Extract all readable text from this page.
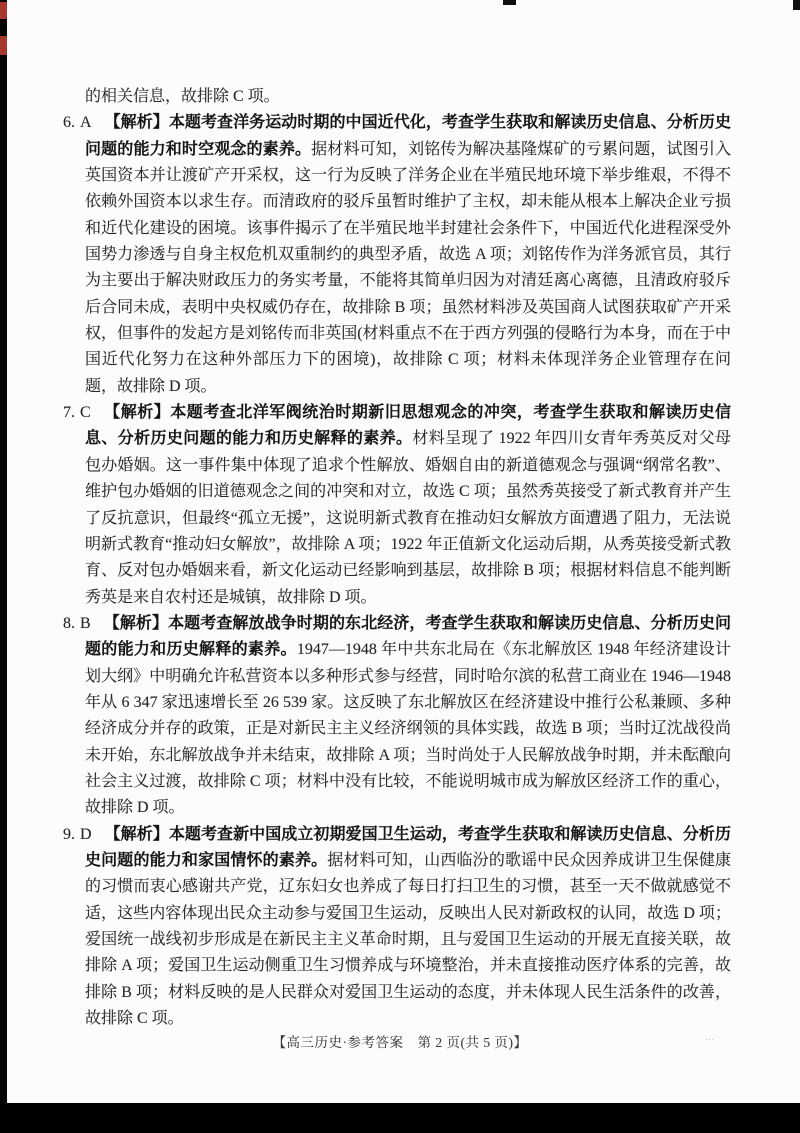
的相关信息，故排除 C 项。

6. A 【解析】本题考查洋务运动时期的中国近代化，考查学生获取和解读历史信息、分析历史问题的能力和时空观念的素养。据材料可知，刘铭传为解决基隆煤矿的亏累问题，试图引入英国资本并让渡矿产开采权，这一行为反映了洋务企业在半殖民地环境下举步维艰，不得不依赖外国资本以求生存。而清政府的驳斥虽暂时维护了主权，却未能从根本上解决企业亏损和近代化建设的困境。该事件揭示了在半殖民地半封建社会条件下，中国近代化进程深受外国势力渗透与自身主权危机双重制约的典型矛盾，故选 A 项；刘铭传作为洋务派官员，其行为主要出于解决财政压力的务实考量，不能将其简单归因为对清廷离心离德，且清政府驳斥后合同未成，表明中央权威仍存在，故排除 B 项；虽然材料涉及英国商人试图获取矿产开采权，但事件的发起方是刘铭传而非英国(材料重点不在于西方列强的侵略行为本身，而在于中国近代化努力在这种外部压力下的困境)，故排除 C 项；材料未体现洋务企业管理存在问题，故排除 D 项。

7. C 【解析】本题考查北洋军阀统治时期新旧思想观念的冲突，考查学生获取和解读历史信息、分析历史问题的能力和历史解释的素养。材料呈现了 1922 年四川女青年秀英反对父母包办婚姻。这一事件集中体现了追求个性解放、婚姻自由的新道德观念与强调“纲常名教”、维护包办婚姻的旧道德观念之间的冲突和对立，故选 C 项；虽然秀英接受了新式教育并产生了反抗意识，但最终“孤立无援”，这说明新式教育在推动妇女解放方面遭遇了阻力，无法说明新式教育“推动妇女解放”，故排除 A 项；1922 年正值新文化运动后期，从秀英接受新式教育、反对包办婚姻来看，新文化运动已经影响到基层，故排除 B 项；根据材料信息不能判断秀英是来自农村还是城镇，故排除 D 项。

8. B 【解析】本题考查解放战争时期的东北经济，考查学生获取和解读历史信息、分析历史问题的能力和历史解释的素养。1947—1948 年中共东北局在《东北解放区 1948 年经济建设计划大纲》中明确允许私营资本以多种形式参与经营，同时哈尔滨的私营工商业在 1946—1948 年从 6 347 家迅速增长至 26 539 家。这反映了东北解放区在经济建设中推行公私兼顾、多种经济成分并存的政策，正是对新民主主义经济纲领的具体实践，故选 B 项；当时辽沈战役尚未开始，东北解放战争并未结束，故排除 A 项；当时尚处于人民解放战争时期，并未酝酿向社会主义过渡，故排除 C 项；材料中没有比较，不能说明城市成为解放区经济工作的重心，故排除 D 项。

9. D 【解析】本题考查新中国成立初期爱国卫生运动，考查学生获取和解读历史信息、分析历史问题的能力和家国情怀的素养。据材料可知，山西临汾的歌谣中民众因养成讲卫生保健康的习惯而衷心感谢共产党，辽东妇女也养成了每日打扫卫生的习惯，甚至一天不做就感觉不适，这些内容体现出民众主动参与爱国卫生运动，反映出人民对新政权的认同，故选 D 项；爱国统一战线初步形成是在新民主主义革命时期，且与爱国卫生运动的开展无直接关联，故排除 A 项；爱国卫生运动侧重卫生习惯养成与环境整治，并未直接推动医疗体系的完善，故排除 B 项；材料反映的是人民群众对爱国卫生运动的态度，并未体现人民生活条件的改善，故排除 C 项。

【高三历史·参考答案　第 2 页(共 5 页)】	⋯
